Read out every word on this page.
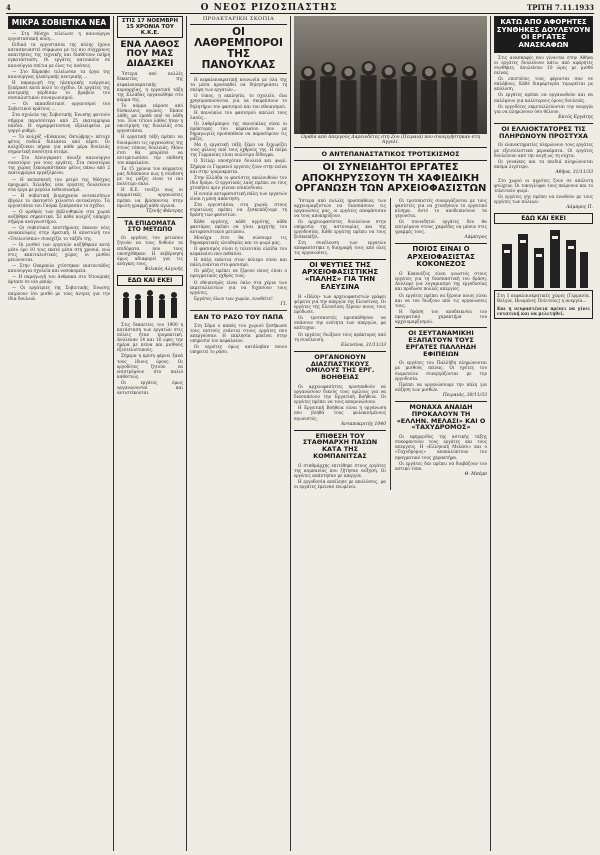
4	Ο ΝΕΟΣ ΡΙΖΟΣΠΑΣΤΗΣ	ΤΡΙΤΗ 7.11.1933
ΜΙΚΡΑ ΣΟΒΙΕΤΙΚΑ ΝΕΑ

— Στη Μόσχα τελείωσε η καινούργια εργοστασιακή πόλη...

Ειδικά τα εργοστάσια της πόλης έχουν κατασκευαστεί σύμφωνα με τις πιο σύγχρονες απαιτήσεις της τεχνικής και διαθέτουν πλήρη εγκατάσταση. Οι εργάτες κατοικούν σε καινούργια σπίτια με όλες τις ανέσεις.

— Στο Χάρκοβο τελείωσαν τα έργα της καινούργιας ηλεκτρικής κεντρικής ...

Η παραγωγή της ηλεκτρικής ενέργειας ξεπέρασε κατά πολύ το σχέδιο. Οι εργάτες της κεντρικής κέρδισαν το βραβείο του σοσιαλιστικού συναγωνισμού.

— Οι εκπαιδευτικοί οργανισμοί του Σοβιετικού κράτους ...

Στα σχολεία της Σοβιετικής Ένωσης φοιτούν σήμερα περισσότερα από 25 εκατομμύρια παιδιά. Η αγραμματοσύνη εξαλείφεται με γοργό ρυθμό.

— Το κολχόζ «Κόκκινος Οκτώβρης» πέτυχε φέτος σοδειά διπλάσια από πέρσι. Οι κολχόζνικοι πήραν για κάθε μέρα δουλειάς σημαντική ποσότητα σιτάρι.

— Στο Λένινγκραντ άνοιξε καινούργιο σανατόριο για τους εργάτες. Στα σανατόρια της χώρας ξεκουράστηκαν φέτος πάνω από 2 εκατομμύρια εργαζόμενοι.

— Η κατασκευή του μετρό της Μόσχας προχωρεί. Χιλιάδες νέοι εργάτες δουλεύουν στα έργα με μεγάλο ενθουσιασμό.

— Η σοβιετική βιομηχανία αυτοκινήτων έβγαλε το εκατοστό χιλιοστό αυτοκίνητο. Τα εργοστάσια του Γκόρκι ξεπέρασαν το σχέδιο.

— Ο αριθμός των βιβλιοθηκών στα χωριά αυξήθηκε σημαντικά. Σε κάθε κολχόζ υπάρχει σήμερα αναγνωστήριο.

— Οι σοβιετικοί επιστήμονες έκαναν νέες ανακαλύψεις στην Αρκτική. Η αποστολή του «Τσελιούσκιν» συνεχίζει το ταξίδι της.

— Οι μισθοί των εργατών αυξήθηκαν κατά μέσο όρο 10 τοις εκατό μέσα στη χρονιά, ενώ στις καπιταλιστικές χώρες οι μισθοί μειώνονται.

— Στην Ουκρανία χτίστηκαν εκατοντάδες καινούργια σχολεία και νοσοκομεία.

— Η παραγωγή του άνθρακα στο Ντονμπάς έφτασε σε νέο ρεκόρ.

— Οι εργάτριες της Σοβιετικής Ένωσης παίρνουν ίσο μισθό με τους άντρες για την ίδια δουλειά.

ΣΤΙΣ 17 ΝΟΕΜΒΡΗ
15 ΧΡΟΝΙΑ ΤΟΥ Κ.Κ.Ε.
ΕΝΑ ΛΑΘΟΣ ΠΟΥ ΜΑΣ ΔΙΔΑΣΚΕΙ

Ύστερα από πολλές δεκαετίες της κεφαλαιοκρατικής κυριαρχίας, η εργατική τάξη της Ελλάδας οργανώθηκε στο κόμμα της.

Το κόμμα πέρασε από δύσκολους αγώνες. Έκανε λάθη, μα έμαθε από τα λάθη του. Ένα τέτοιο λάθος ήταν η υποτίμηση της δουλειάς στα εργοστάσια.

Η εργατική τάξη πρέπει να δυναμώσει τις οργανώσεις της στους τόπους δουλειάς. Μόνο έτσι θα μπορέσει να αντιμετωπίσει την επίθεση του κεφαλαίου.

Τα 15 χρόνια του κόμματος μας διδάσκουν πως η σύνδεση με τις μάζες είναι το πιο πολύτιμο όπλο.

Η Κ.Ε. τονίζει πως οι κομματικές οργανώσεις πρέπει να βρίσκονται στην πρώτη γραμμή κάθε αγώνα.

Τζενής Φάντρης
ΤΑ ΕΠΙΔΟΜΑΤΑ ΣΤΟ ΜΕΤΩΠΟ

Οι εργάτες του μετώπου ζητούν να τους δοθούν τα επιδόματα που τους υποσχέθηκαν. Η κυβέρνηση όμως αδιαφορεί για τις ανάγκες τους.

Φιλικός Αλγινής
ΕΔΩ ΚΑΙ ΕΚΕΙ

Στις δεκαετίες του 1900 η κατάσταση των εργατών στις πόλεις ήταν τρομακτική. Δούλευαν 14 και 16 ώρες την ημέρα με πείνα και μισθούς εξευτελιστικούς.

Σήμερα η κρίση φέρνει ξανά τους ίδιους όρους. Οι εργοδότες ζητούν να επιστρέψουν στο παλιό καθεστώς.

Οι εργάτες όμως οργανώνονται και αντιστέκονται.

ΠΡΟΛΕΤΑΡΙΚΗ ΣΚΟΠΙΑ
ΟΙ ΛΑΘΡΕΜΠΟΡΟΙ ΤΗΣ ΠΑΝΟΥΚΛΑΣ

Η κεφαλαιοκρατική κοινωνία με όλα της τα μέσα προσπαθεί να δηλητηριάσει τη σκέψη των εργατών...

Ο τύπος, η εκκλησία, το σχολείο, όλα χρησιμοποιούνται για να σκορπίσουν το δηλητήριο του φασισμού και του εθνικισμού.

Η πανούκλα του φασισμού απειλεί τους λαούς...

Οι λαθρέμποροι της πανούκλας είναι οι πράκτορες του κεφαλαίου που με δημαγωγίες προσπαθούν να παρασύρουν τις μάζες.

Μα η εργατική τάξη ξέρει να ξεχωρίζει τους φίλους από τους εχθρούς της. Η πείρα της Γερμανίας είναι πολύτιμο δίδαγμα.

Ο Χίτλερ υποσχόταν δουλειά και ψωμί. Σήμερα οι Γερμανοί εργάτες ζουν στην πείνα και στην τρομοκρατία.

Στην Ελλάδα οι φασίστες ακολουθούν τον ίδιο δρόμο. Ο εργατικός λαός πρέπει να τους χτυπήσει πριν γίνουν επικίνδυνοι.

Η ενιαία αντιφασιστική πάλη των εργατών είναι η μόνη απάντηση.

Στα εργοστάσια, στα χωριά, στους στρατώνες πρέπει να ξεσκεπάζουμε τη δράση των φασιστών.

Κάθε εργάτης, κάθε αγρότης, κάθε φαντάρος πρέπει να γίνει μαχητής του αντιφασιστικού μετώπου.

Μονάχα έτσι θα σώσουμε τις δημοκρατικές ελευθερίες και το ψωμί μας.

Ο φασισμός είναι η τελευταία ελπίδα του κεφαλαίου που πεθαίνει.

Η πάλη ενάντια στον πόλεμο είναι και πάλη ενάντια στο φασισμό.

Οι μάζες πρέπει να ξέρουν ποιος είναι ο πραγματικός εχθρός τους.

Ο εθνικισμός είναι όπλο στα χέρια των εκμεταλλευτών για να διχάσουν τους εργάτες.

Εργάτες όλων των χωρών, ενωθείτε!

ΓΙ.
ΕΑΝ ΤΟ ΡΑΣΟ ΤΟΥ ΠΑΠΑ

Στη Σάμο ο παπάς του χωριού ξεσήκωσε τους πιστούς ενάντια στους εργάτες που απεργούσαν. Η εκκλησία μπαίνει στην υπηρεσία του κεφαλαίου.

Οι αγρότες όμως κατάλαβαν ποιον υπηρετεί το ράσο.

Ομάδα από Απεργούς Δαρειοδέτες στη Ζου (Πειραιά) που συνεργήστηκαν στη Αγγελί.
Ο ΑΝΤΕΠΑΝΑΣΤΑΤΙΚΟΣ ΤΡΟΤΣΚΙΣΜΟΣ
ΟΙ ΣΥΝΕΙΔΗΤΟΙ ΕΡΓΑΤΕΣ
ΑΠΟΚΗΡΥΣΣΟΥΝ ΤΗ ΧΑΦΙΕΔΙΚΗ
ΟΡΓΑΝΩΣΗ ΤΩΝ ΑΡΧΕΙΟΦΑΣΙΣΤΩΝ

Ύστερα από πολλές προσπάθειες των αρχειομαρξιστών να διασπάσουν τις οργανώσεις μας, οι εργάτες αποφάσισαν να τους αποκηρύξουν.

Οι αρχειοφασίστες δουλεύουν στην υπηρεσία της αστυνομίας και της εργοδοσίας. Κάθε εργάτης πρέπει να τους ξεσκεπάζει.

Στη συνέλευση των εργατών αποφασίστηκε η διαγραφή τους από όλες τις οργανώσεις.

ΟΙ ΨΕΥΤΙΕΣ ΤΗΣ ΑΡΧΕΙΟΦΑΣΙΣΤΙΚΗΣ «ΠΑΛΗΣ» ΓΙΑ ΤΗΝ ΕΛΕΥΣΙΝΑ

Η «Πάλη» των αρχειοφασιστών γράφει ψέματα για την απεργία της Ελευσίνας. Οι εργάτες της Ελευσίνας ξέρουν ποιος τους πρόδωσε.

Οι τροτσκιστές προσπάθησαν να σπάσουν την ενότητα των απεργών, μα απέτυχαν.

Οι εργάτες διώξανε τους πράκτορες από τη συνέλευση.

Ελευσίνα, 31/11/33
ΟΡΓΑΝΟΝΟΥΝ ΔΙΑΣΠΑΣΤΙΚΟΥΣ ΟΜΙΛΟΥΣ ΤΗΣ ΕΡΓ. ΒΟΗΘΕΙΑΣ

Οι αρχειοφασίστες προσπαθούν να οργανώσουν δικούς τους ομίλους για να διασπάσουν την Εργατική Βοήθεια. Οι εργάτες πρέπει να τους απομονώσουν.

Η Εργατική Βοήθεια είναι η οργάνωση που βοηθά τους φυλακισμένους αγωνιστές.

Ανταποκριτής 1040
ΕΠΙΘΕΣΗ ΤΟΥ ΣΤΑΘΜΑΡΧΗ ΠΑΣΩΝ ΚΑΤΑ ΤΗΣ ΚΟΜΠΑΝΙΤΣΑΣ

Ο σταθμάρχης επιτέθηκε στους εργάτες της κομπανίας που ζήτησαν αύξηση. Οι εργάτες απάντησαν με απεργία.

Η εργοδοσία απείλησε με απολύσεις, μα οι εργάτες έμειναν ενωμένοι.

Οι τροτσκιστές συνεργάζονται με τους φασίστες για να χτυπήσουν το εργατικό κίνημα. Αυτό το αποδεικνύουν τα γεγονότα.

Οι συνειδητοί εργάτες δεν θα επιτρέψουν στους χαφιέδες να μπουν στις γραμμές τους.

Λάμπτρος
ΠΟΙΟΣ ΕΙΝΑΙ Ο ΑΡΧΕΙΟΦΑΣΙΣΤΑΣ ΚΟΚΟΝΕΖΟΣ

Ο Κοκονέζος είναι γνωστός στους εργάτες για τη διασπαστική του δράση. Δούλεψε για λογαριασμό της εργοδοσίας και πρόδωσε πολλές απεργίες.

Οι εργάτες πρέπει να ξέρουν ποιος είναι και να τον διώξουν από τις οργανώσεις τους.

Η δράση του αποδεικνύει τον πραγματικό χαρακτήρα του αρχειομαρξισμού.

ΟΙ ΣΕΥΤΑΝΑΜΙΚΗΙ ΕΞΑΠΑΤΟΥΝ ΤΟΥΣ ΕΡΓΑΤΕΣ ΠΑΛΛΗΔΗ ΕΦΙΠΕΙΩΝ

Οι εργάτες του Παλλήδη πληρώνονται με μισθούς πείνας. Οι ηγέτες του σωματείου συνεργάζονται με την εργοδοσία.

Πρέπει να οργανώσουμε την πάλη για αύξηση των μισθών.

Πειραιάς, 30/11/33
ΜΟΝΑΧΑ ΑΝΑΙΔΗ ΠΡΟΚΑΛΟΥΝ ΤΗ «ΕΛΛΗΝ. ΜΕΛΑΣΙ» ΚΑΙ Ο «ΤΑΧΥΔΡΟΜΟΣ»

Οι εφημερίδες της αστικής τάξης συκοφαντούν τους εργάτες και τους απεργούς. Η «Ελληνική Μελάσι» και ο «Ταχυδρόμος» αποκαλύπτουν τον πραγματικό τους χαρακτήρα.

Οι εργάτες δεν πρέπει να διαβάζουν τον αστικό τύπο.

Θ. Μπέμπ
ΚΑΤΩ ΑΠΟ ΑΦΟΡΗΤΕΣ ΣΥΝΘΗΚΕΣ ΔΟΥΛΕΥΟΥΝ ΟΙ ΕΡΓΑΤΕΣ ΑΝΑΣΚΑΦΩΝ

Στις ανασκαφές που γίνονται στην Αθήνα οι εργάτες δουλεύουν κάτω από αφόρητες συνθήκες. Δουλεύουν 10 ώρες με μισθό πείνας.

Οι επιστάτες τους φέρονται σαν σε σκλάβους. Κάθε διαμαρτυρία τιμωρείται με απόλυση.

Οι εργάτες πρέπει να οργανωθούν και να παλέψουν για καλύτερους όρους δουλειάς.

Οι εργοδότες εκμεταλλεύονται την ανεργία για να πληρώνουν όσο θέλουν.

Εκτός Εργάτης
ΟΙ ΕΛΛΙΟΚΤΑΤΟΡΕΣ ΤΙΣ ΠΛΗΡΩΝΟΥΝ ΠΡΟΣΤΥΧΑ

Οι ελαιοκτηματίες πληρώνουν τους εργάτες με εξευτελιστικά μεροκάματα. Οι εργάτες δουλεύουν από την αυγή ως τη νύχτα.

Οι γυναίκες και τα παιδιά πληρώνονται ακόμα λιγότερο.

Αθήνα, 31/11/33

Στο χωριό οι αγρότες ζουν σε απόλυτη φτώχεια. Οι τοκογλύφοι τους παίρνουν και το τελευταίο ψωμί.

Οι εργάτες γης πρέπει να ενωθούν με τους εργάτες των πόλεων.

Λάμπρος Π.
ΕΔΩ ΚΑΙ ΕΚΕΙ
Στη 3 κεφαλαιοκρατικές χώρες (Γερμανία, Βελγία, Ηνωμένες Πολιτείες) η ανεργία...
Και η νευραστένεια πρέπει να γίνει εντατική και να μελετηθεί.
